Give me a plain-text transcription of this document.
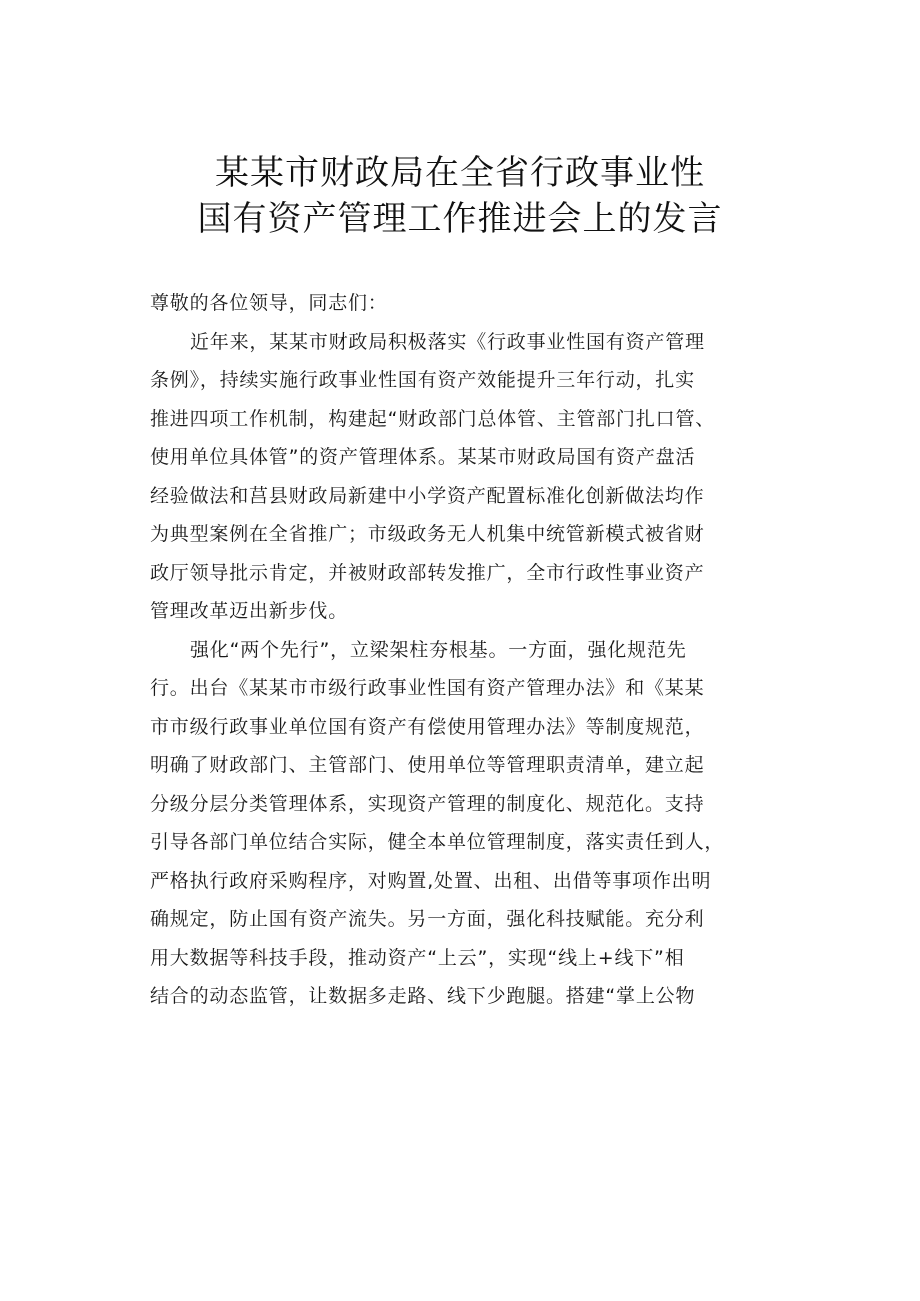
某某市财政局在全省行政事业性
国有资产管理工作推进会上的发言
尊敬的各位领导，同志们：
近年来，某某市财政局积极落实《行政事业性国有资产管理
条例》，持续实施行政事业性国有资产效能提升三年行动，扎实
推进四项工作机制，构建起“财政部门总体管、主管部门扎口管、
使用单位具体管”的资产管理体系。某某市财政局国有资产盘活
经验做法和莒县财政局新建中小学资产配置标准化创新做法均作
为典型案例在全省推广；市级政务无人机集中统管新模式被省财
政厅领导批示肯定，并被财政部转发推广，全市行政性事业资产
管理改革迈出新步伐。
强化“两个先行”，立梁架柱夯根基。一方面，强化规范先
行。出台《某某市市级行政事业性国有资产管理办法》和《某某
市市级行政事业单位国有资产有偿使用管理办法》等制度规范，
明确了财政部门、主管部门、使用单位等管理职责清单，建立起
分级分层分类管理体系，实现资产管理的制度化、规范化。支持
引导各部门单位结合实际，健全本单位管理制度，落实责任到人，
严格执行政府采购程序，对购置,处置、出租、出借等事项作出明
确规定，防止国有资产流失。另一方面，强化科技赋能。充分利
用大数据等科技手段，推动资产“上云”，实现“线上+线下”相
结合的动态监管，让数据多走路、线下少跑腿。搭建“掌上公物
